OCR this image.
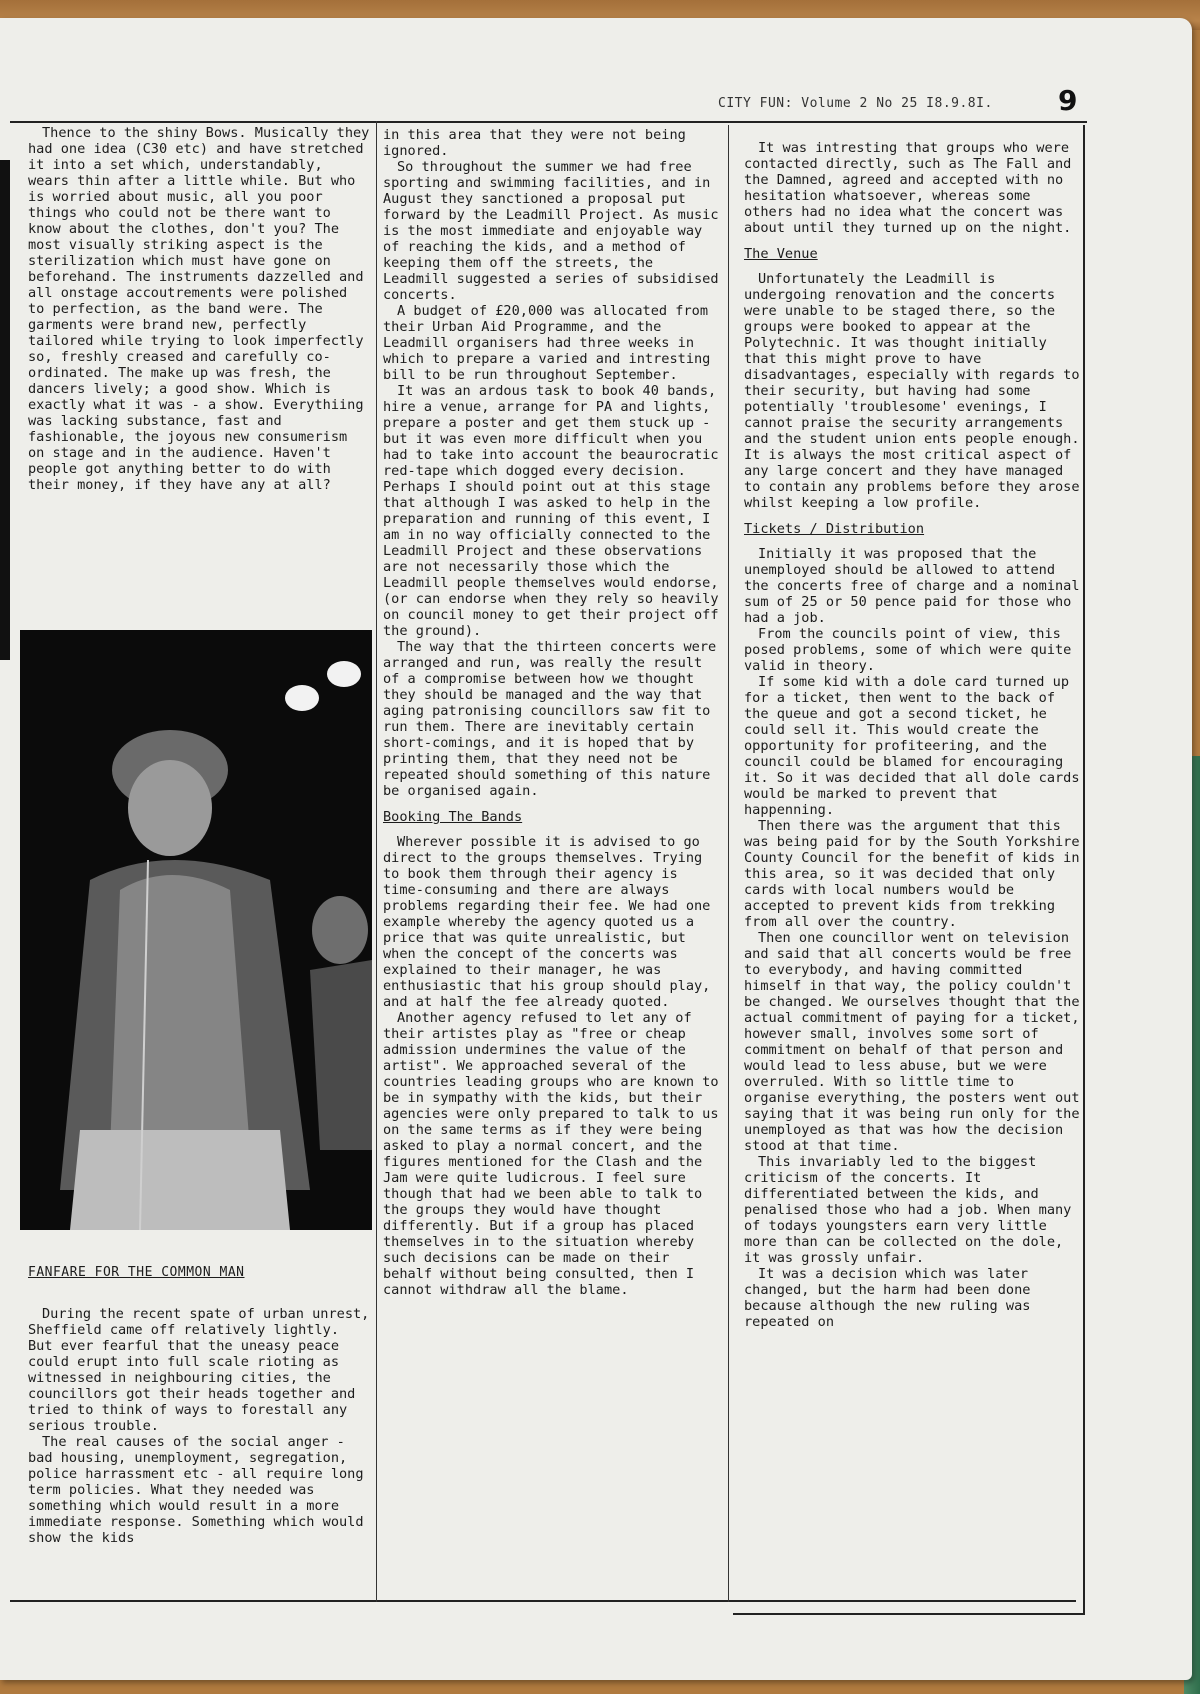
CITY FUN: Volume 2 No 25 I8.9.8I. 9

Thence to the shiny Bows. Musically they had one idea (C30 etc) and have stretched it into a set which, understandably, wears thin after a little while. But who is worried about music, all you poor things who could not be there want to know about the clothes, don't you? The most visually striking aspect is the sterilization which must have gone on beforehand. The instruments dazzelled and all onstage accoutrements were polished to perfection, as the band were. The garments were brand new, perfectly tailored while trying to look imperfectly so, freshly creased and carefully co-ordinated. The make up was fresh, the dancers lively; a good show. Which is exactly what it was - a show. Everythiing was lacking substance, fast and fashionable, the joyous new consumerism on stage and in the audience. Haven't people got anything better to do with their money, if they have any at all?

FANFARE FOR THE COMMON MAN

During the recent spate of urban unrest, Sheffield came off relatively lightly. But ever fearful that the uneasy peace could erupt into full scale rioting as witnessed in neighbouring cities, the councillors got their heads together and tried to think of ways to forestall any serious trouble.

The real causes of the social anger - bad housing, unemployment, segregation, police harrassment etc - all require long term policies. What they needed was something which would result in a more immediate response. Something which would show the kids

in this area that they were not being ignored.

So throughout the summer we had free sporting and swimming facilities, and in August they sanctioned a proposal put forward by the Leadmill Project. As music is the most immediate and enjoyable way of reaching the kids, and a method of keeping them off the streets, the Leadmill suggested a series of subsidised concerts.

A budget of £20,000 was allocated from their Urban Aid Programme, and the Leadmill organisers had three weeks in which to prepare a varied and intresting bill to be run throughout September.

It was an ardous task to book 40 bands, hire a venue, arrange for PA and lights, prepare a poster and get them stuck up - but it was even more difficult when you had to take into account the beaurocratic red-tape which dogged every decision. Perhaps I should point out at this stage that although I was asked to help in the preparation and running of this event, I am in no way officially connected to the Leadmill Project and these observations are not necessarily those which the Leadmill people themselves would endorse, (or can endorse when they rely so heavily on council money to get their project off the ground).

The way that the thirteen concerts were arranged and run, was really the result of a compromise between how we thought they should be managed and the way that aging patronising councillors saw fit to run them. There are inevitably certain short-comings, and it is hoped that by printing them, that they need not be repeated should something of this nature be organised again.

Booking The Bands

Wherever possible it is advised to go direct to the groups themselves. Trying to book them through their agency is time-consuming and there are always problems regarding their fee. We had one example whereby the agency quoted us a price that was quite unrealistic, but when the concept of the concerts was explained to their manager, he was enthusiastic that his group should play, and at half the fee already quoted.

Another agency refused to let any of their artistes play as "free or cheap admission undermines the value of the artist". We approached several of the countries leading groups who are known to be in sympathy with the kids, but their agencies were only prepared to talk to us on the same terms as if they were being asked to play a normal concert, and the figures mentioned for the Clash and the Jam were quite ludicrous. I feel sure though that had we been able to talk to the groups they would have thought differently. But if a group has placed themselves in to the situation whereby such decisions can be made on their behalf without being consulted, then I cannot withdraw all the blame.

It was intresting that groups who were contacted directly, such as The Fall and the Damned, agreed and accepted with no hesitation whatsoever, whereas some others had no idea what the concert was about until they turned up on the night.

The Venue

Unfortunately the Leadmill is undergoing renovation and the concerts were unable to be staged there, so the groups were booked to appear at the Polytechnic. It was thought initially that this might prove to have disadvantages, especially with regards to their security, but having had some potentially 'troublesome' evenings, I cannot praise the security arrangements and the student union ents people enough. It is always the most critical aspect of any large concert and they have managed to contain any problems before they arose whilst keeping a low profile.

Tickets / Distribution

Initially it was proposed that the unemployed should be allowed to attend the concerts free of charge and a nominal sum of 25 or 50 pence paid for those who had a job.

From the councils point of view, this posed problems, some of which were quite valid in theory.

If some kid with a dole card turned up for a ticket, then went to the back of the queue and got a second ticket, he could sell it. This would create the opportunity for profiteering, and the council could be blamed for encouraging it. So it was decided that all dole cards would be marked to prevent that happenning.

Then there was the argument that this was being paid for by the South Yorkshire County Council for the benefit of kids in this area, so it was decided that only cards with local numbers would be accepted to prevent kids from trekking from all over the country.

Then one councillor went on television and said that all concerts would be free to everybody, and having committed himself in that way, the policy couldn't be changed. We ourselves thought that the actual commitment of paying for a ticket, however small, involves some sort of commitment on behalf of that person and would lead to less abuse, but we were overruled. With so little time to organise everything, the posters went out saying that it was being run only for the unemployed as that was how the decision stood at that time.

This invariably led to the biggest criticism of the concerts. It differentiated between the kids, and penalised those who had a job. When many of todays youngsters earn very little more than can be collected on the dole, it was grossly unfair.

It was a decision which was later changed, but the harm had been done because although the new ruling was repeated on
